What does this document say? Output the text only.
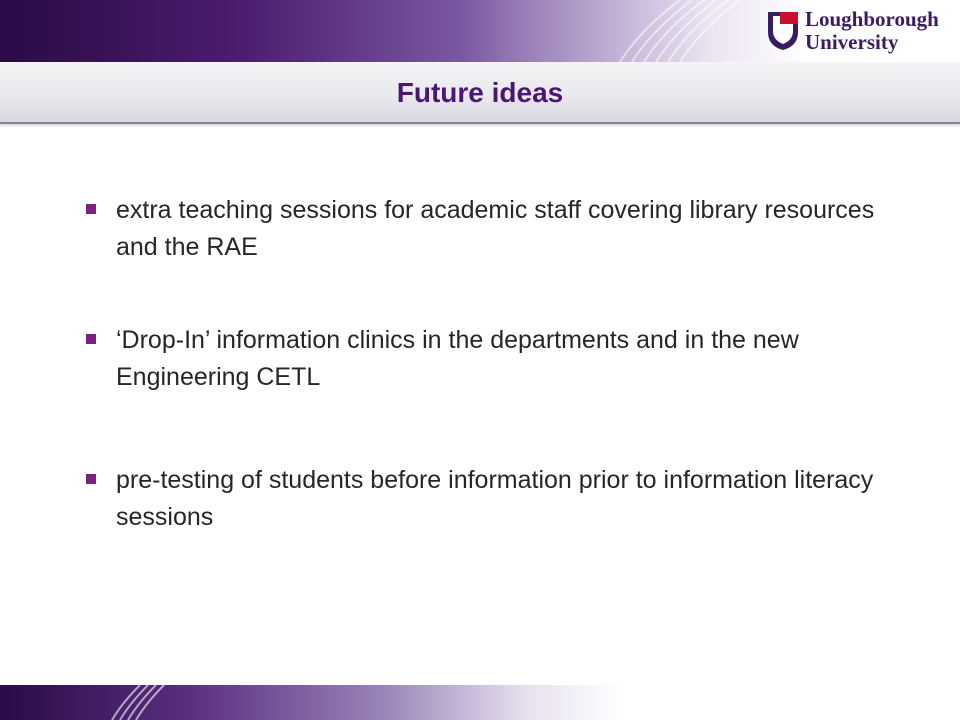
Loughborough
University
Future ideas
extra teaching sessions for academic staff covering library resources and the RAE
‘Drop-In’ information clinics in the departments and in the new Engineering CETL
pre-testing of students before information prior to information literacy sessions
